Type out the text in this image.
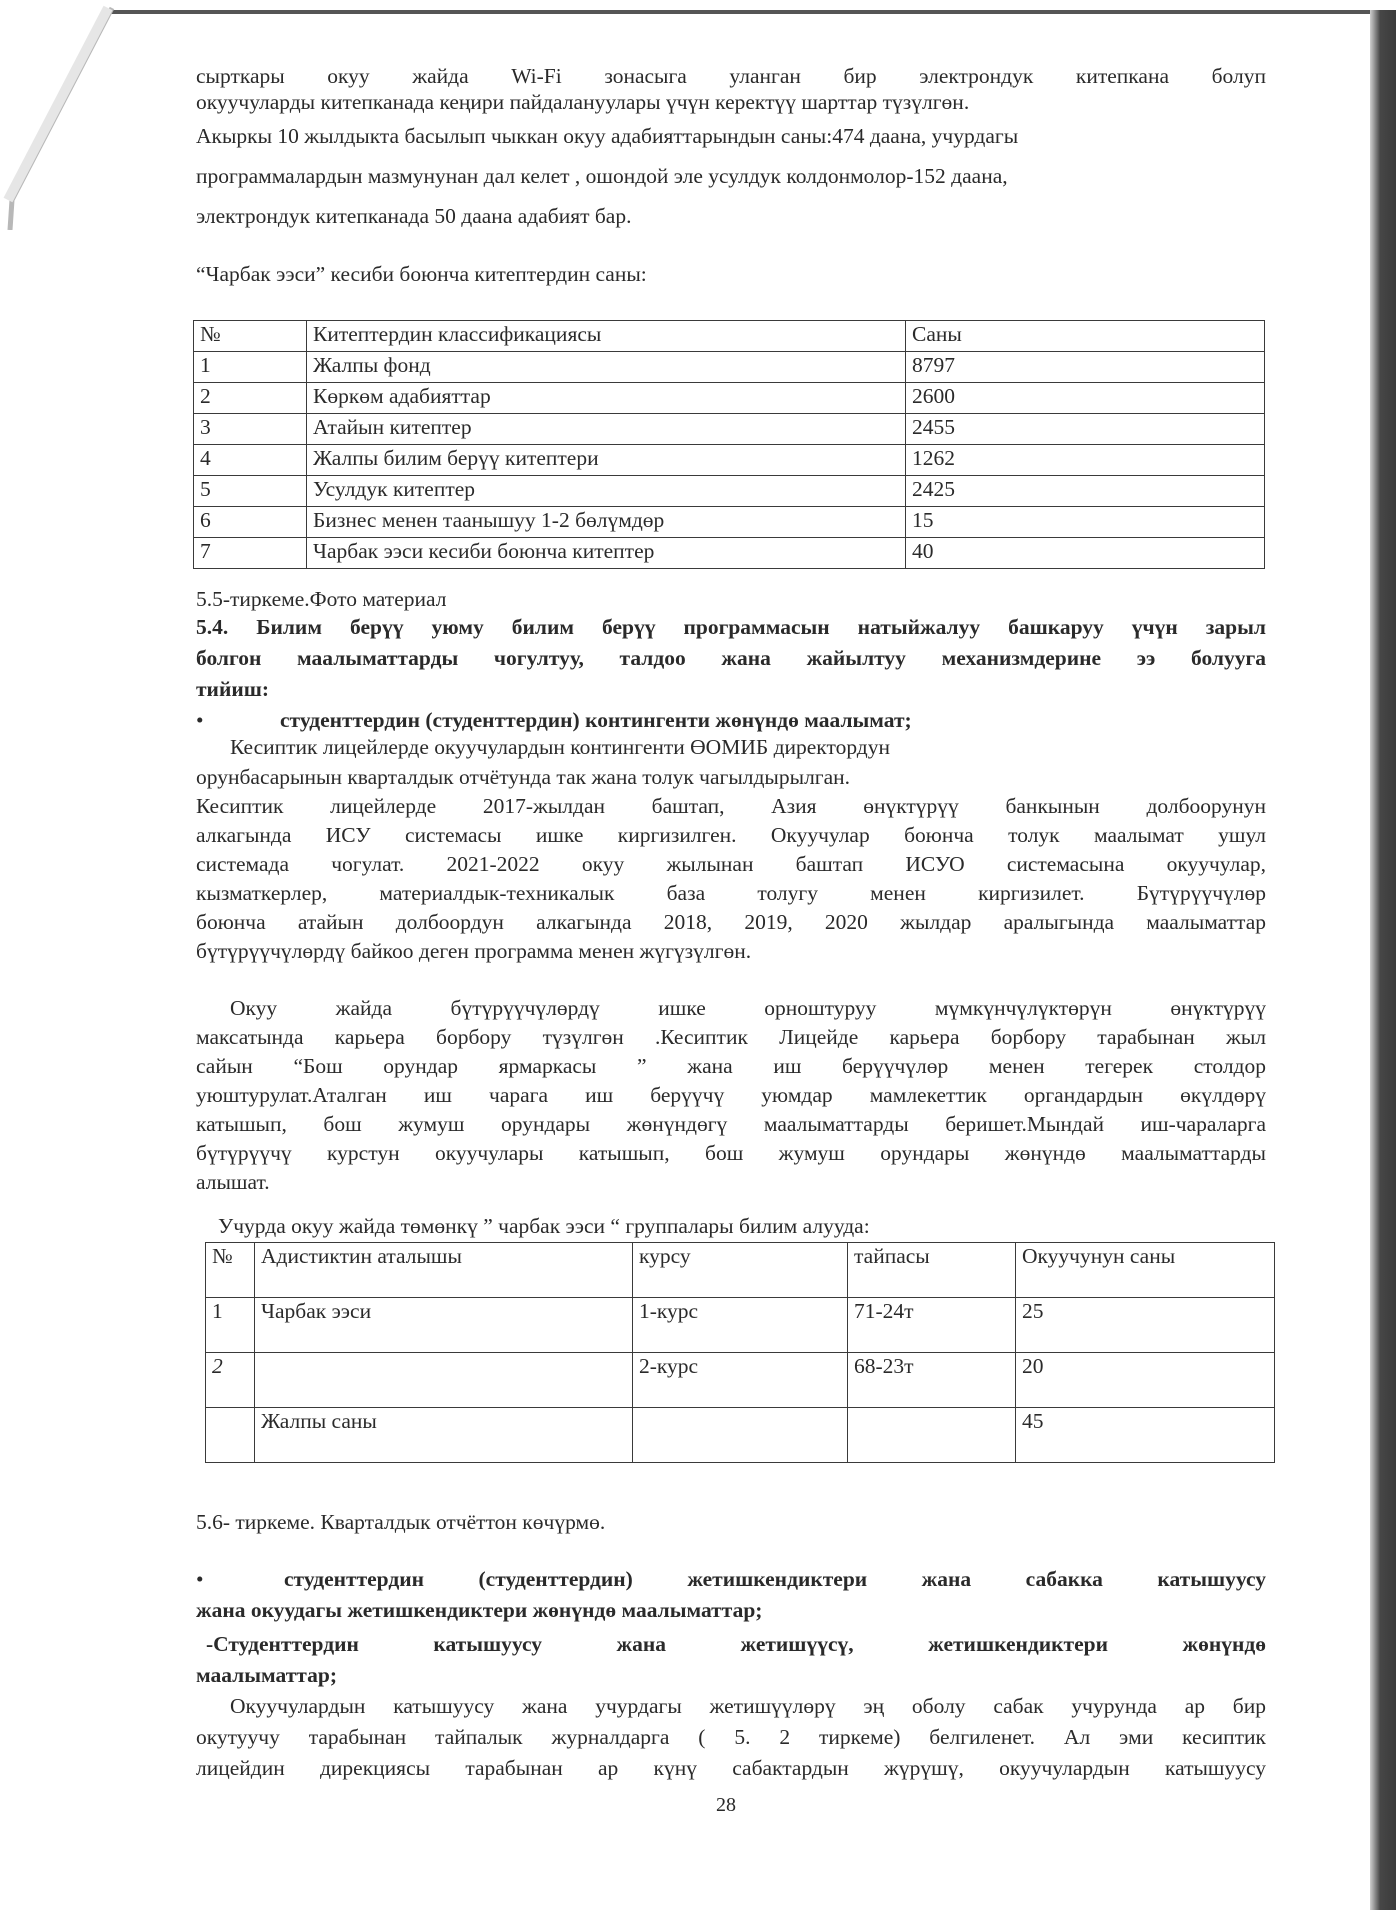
сырткары окуу жайда Wi-Fi зонасыга уланган бир электрондук китепкана болуп
окуучуларды китепканада кеңири пайдалануулары үчүн керектүү шарттар түзүлгөн.
Акыркы 10 жылдыкта басылып чыккан окуу адабияттарындын саны:474 даана, учурдагы
программалардын мазмунунан дал келет , ошондой эле усулдук колдонмолор-152 даана,
электрондук китепканада 50 даана адабият бар.
“Чарбак ээси” кесиби боюнча китептердин саны:
№	Китептердин классификациясы	Саны
1	Жалпы фонд	8797
2	Көркөм адабияттар	2600
3	Атайын китептер	2455
4	Жалпы билим берүү китептери	1262
5	Усулдук китептер	2425
6	Бизнес менен таанышуу 1-2 бөлүмдөр	15
7	Чарбак ээси кесиби боюнча китептер	40
5.5-тиркеме.Фото материал
5.4. Билим берүү уюму билим берүү программасын натыйжалуу башкаруу үчүн зарыл
болгон маалыматтарды чогултуу, талдоо жана жайылтуу механизмдерине ээ болууга
тийиш:
•	студенттердин (студенттердин) контингенти жөнүндө маалымат;
Кесиптик лицейлерде окуучулардын контингенти ӨОМИБ директордун
орунбасарынын кварталдык отчётунда так жана толук чагылдырылган.
Кесиптик лицейлерде 2017-жылдан баштап, Азия өнүктүрүү банкынын долбоорунун
алкагында ИСУ системасы ишке киргизилген. Окуучулар боюнча толук маалымат ушул
системада чогулат. 2021-2022 окуу жылынан баштап ИСУО системасына окуучулар,
кызматкерлер, материалдык-техникалык база толугу менен киргизилет. Бүтүрүүчүлөр
боюнча атайын долбоордун алкагында 2018, 2019, 2020 жылдар аралыгында маалыматтар
бүтүрүүчүлөрдү байкоо деген программа менен жүгүзүлгөн.
Окуу жайда бүтүрүүчүлөрдү ишке орноштуруу мүмкүнчүлүктөрүн өнүктүрүү
максатында карьера борбору түзүлгөн .Кесиптик Лицейде карьера борбору тарабынан жыл
сайын “Бош орундар ярмаркасы ” жана иш берүүчүлөр менен тегерек столдор
уюштурулат.Аталган иш чарага иш берүүчү уюмдар мамлекеттик органдардын өкүлдөрү
катышып, бош жумуш орундары жөнүндөгү маалыматтарды беришет.Мындай иш-чараларга
бүтүрүүчү курстун окуучулары катышып, бош жумуш орундары жөнүндө маалыматтарды
алышат.
Учурда окуу жайда төмөнкү ” чарбак ээси “ группалары билим алууда:
№	Адистиктин аталышы	курсу	тайпасы	Окуучунун саны
1	Чарбак ээси	1-курс	71-24т	25
2		2-курс	68-23т	20
	Жалпы саны			45
5.6- тиркеме. Кварталдык отчёттон көчүрмө.
•	студенттердин (студенттердин) жетишкендиктери жана сабакка катышуусу
жана окуудагы жетишкендиктери жөнүндө маалыматтар;
-Студенттердин катышуусу жана жетишүүсү, жетишкендиктери жөнүндө
маалыматтар;
Окуучулардын катышуусу жана учурдагы жетишүүлөрү эң оболу сабак учурунда ар бир
окутуучу тарабынан тайпалык журналдарга ( 5. 2 тиркеме) белгиленет. Ал эми кесиптик
лицейдин дирекциясы тарабынан ар күнү сабактардын жүрүшү, окуучулардын катышуусу
28
